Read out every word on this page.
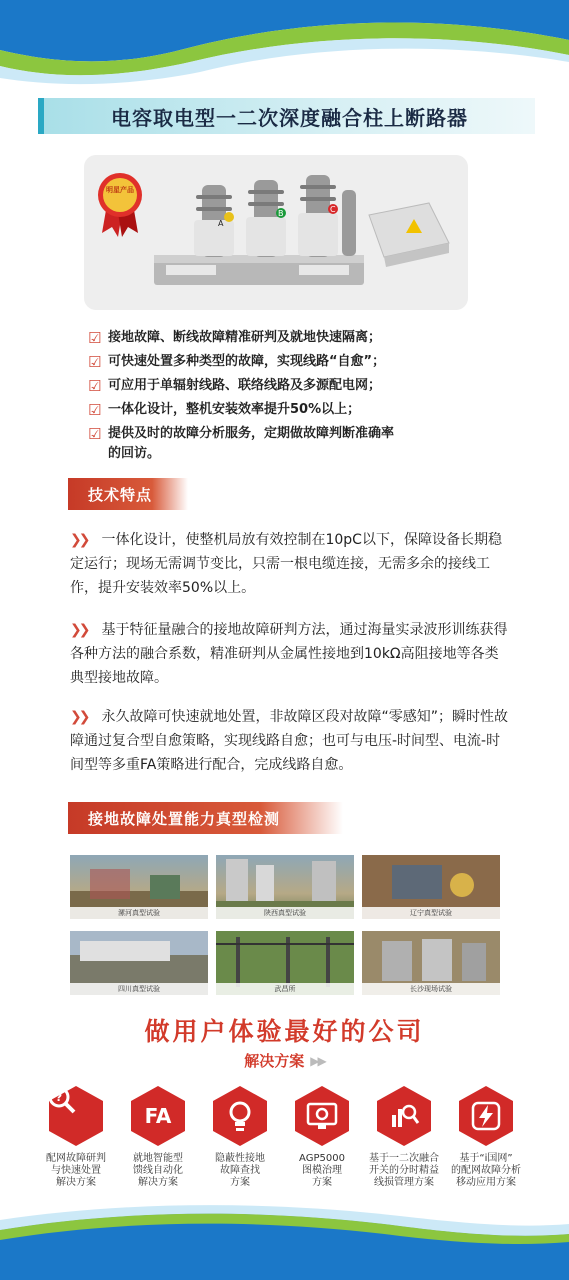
电容取电型一二次深度融合柱上断路器
明星产品
A
B	C
☑ 接地故障、断线故障精准研判及就地快速隔离；
☑ 可快速处置多种类型的故障，实现线路“自愈”；
☑ 可应用于单辐射线路、联络线路及多源配电网；
☑ 一体化设计，整机安装效率提升50%以上；
☑ 提供及时的故障分析服务，定期做故障判断准确率
的回访。
技术特点
❯❯ 一体化设计，使整机局放有效控制在10pC以下，保障设备长期稳定运行；现场无需调节变比，只需一根电缆连接，无需多余的接线工作，提升安装效率50%以上。
❯❯ 基于特征量融合的接地故障研判方法，通过海量实录波形训练获得各种方法的融合系数，精准研判从金属性接地到10kΩ高阻接地等各类典型接地故障。
❯❯ 永久故障可快速就地处置，非故障区段对故障“零感知”；瞬时性故障通过复合型自愈策略，实现线路自愈；也可与电压-时间型、电流-时间型等多重FA策略进行配合，完成线路自愈。
接地故障处置能力真型检测
漯河真型试验	陕西真型试验	辽宁真型试验
四川真型试验	武昌所	长沙现场试验
做用户体验最好的公司
解决方案 ▶▶
?
配网故障研判
与快速处置
解决方案
FA
就地智能型
馈线自动化
解决方案
隐蔽性接地
故障查找
方案
AGP5000
图模治理
方案
基于一二次融合
开关的分时精益
线损管理方案
基于“i国网”
的配网故障分析
移动应用方案
